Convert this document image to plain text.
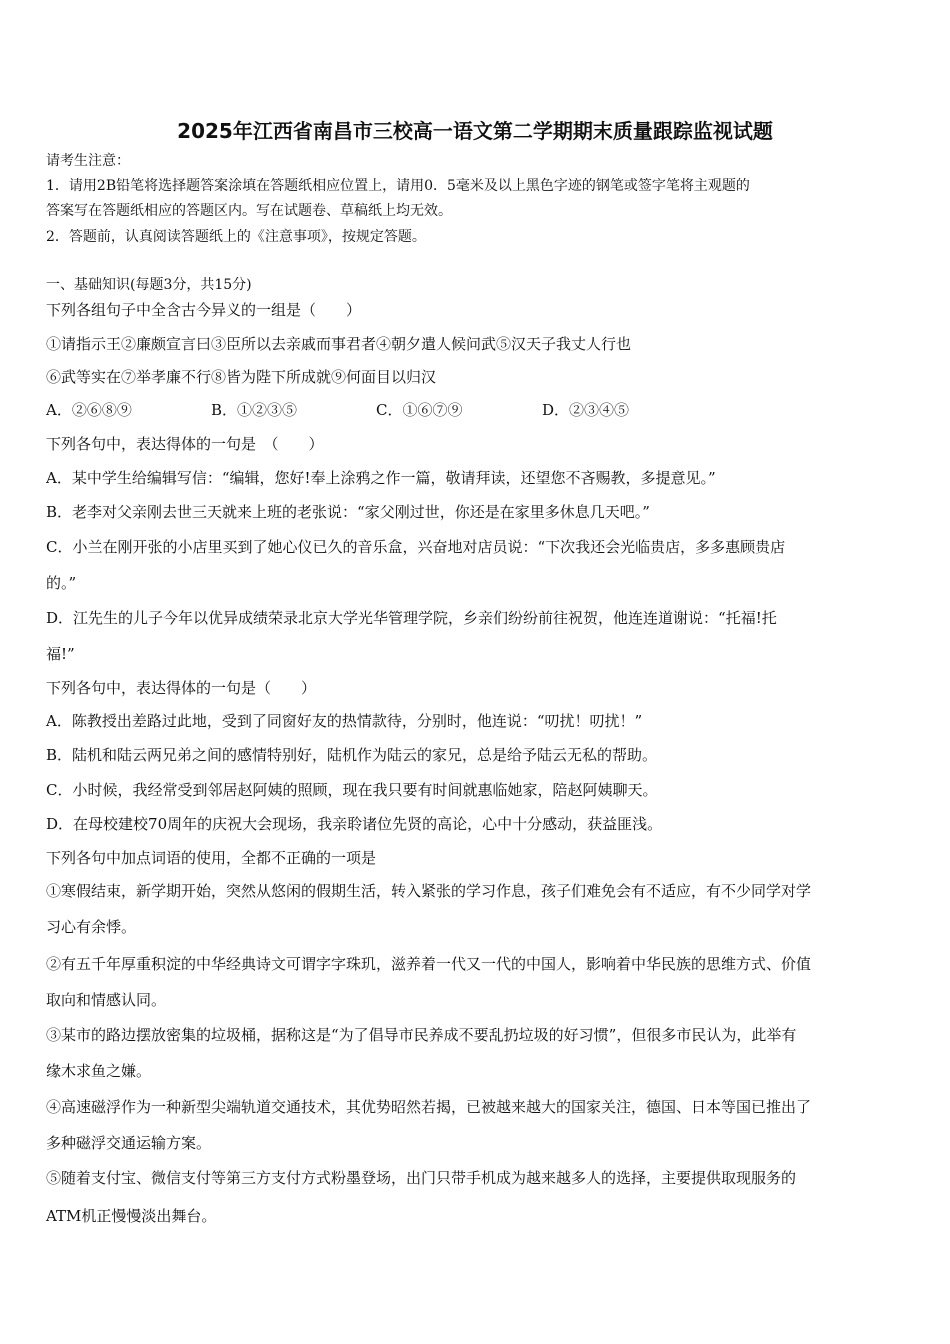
2025年江西省南昌市三校高一语文第二学期期末质量跟踪监视试题
请考生注意：
1．请用2B铅笔将选择题答案涂填在答题纸相应位置上，请用0．5毫米及以上黑色字迹的钢笔或签字笔将主观题的
答案写在答题纸相应的答题区内。写在试题卷、草稿纸上均无效。
2．答题前，认真阅读答题纸上的《注意事项》，按规定答题。
一、基础知识(每题3分，共15分)
下列各组句子中全含古今异义的一组是（　　）
①请指示王②廉颇宣言曰③臣所以去亲戚而事君者④朝夕遣人候问武⑤汉天子我丈人行也
⑥武等实在⑦举孝廉不行⑧皆为陛下所成就⑨何面目以归汉
A．②⑥⑧⑨	B．①②③⑤	C．①⑥⑦⑨	D．②③④⑤
下列各句中，表达得体的一句是　（　　）
A．某中学生给编辑写信：“编辑，您好!奉上涂鸦之作一篇，敬请拜读，还望您不吝赐教，多提意见。”
B．老李对父亲刚去世三天就来上班的老张说：“家父刚过世，你还是在家里多休息几天吧。”
C．小兰在刚开张的小店里买到了她心仪已久的音乐盒，兴奋地对店员说：“下次我还会光临贵店，多多惠顾贵店
的。”
D．江先生的儿子今年以优异成绩荣录北京大学光华管理学院，乡亲们纷纷前往祝贺，他连连道谢说：“托福!托
福!”
下列各句中，表达得体的一句是（　　）
A．陈教授出差路过此地，受到了同窗好友的热情款待，分别时，他连说：“叨扰！叨扰！”
B．陆机和陆云两兄弟之间的感情特别好，陆机作为陆云的家兄，总是给予陆云无私的帮助。
C．小时候，我经常受到邻居赵阿姨的照顾，现在我只要有时间就惠临她家，陪赵阿姨聊天。
D．在母校建校70周年的庆祝大会现场，我亲聆诸位先贤的高论，心中十分感动，获益匪浅。
下列各句中加点词语的使用，全都不正确的一项是
①寒假结束，新学期开始，突然从悠闲的假期生活，转入紧张的学习作息，孩子们难免会有不适应，有不少同学对学
习心有余悸。
②有五千年厚重积淀的中华经典诗文可谓字字珠玑，滋养着一代又一代的中国人，影响着中华民族的思维方式、价值
取向和情感认同。
③某市的路边摆放密集的垃圾桶，据称这是“为了倡导市民养成不要乱扔垃圾的好习惯”，但很多市民认为，此举有
缘木求鱼之嫌。
④高速磁浮作为一种新型尖端轨道交通技术，其优势昭然若揭，已被越来越大的国家关注，德国、日本等国已推出了
多种磁浮交通运输方案。
⑤随着支付宝、微信支付等第三方支付方式粉墨登场，出门只带手机成为越来越多人的选择，主要提供取现服务的
ATM机正慢慢淡出舞台。
